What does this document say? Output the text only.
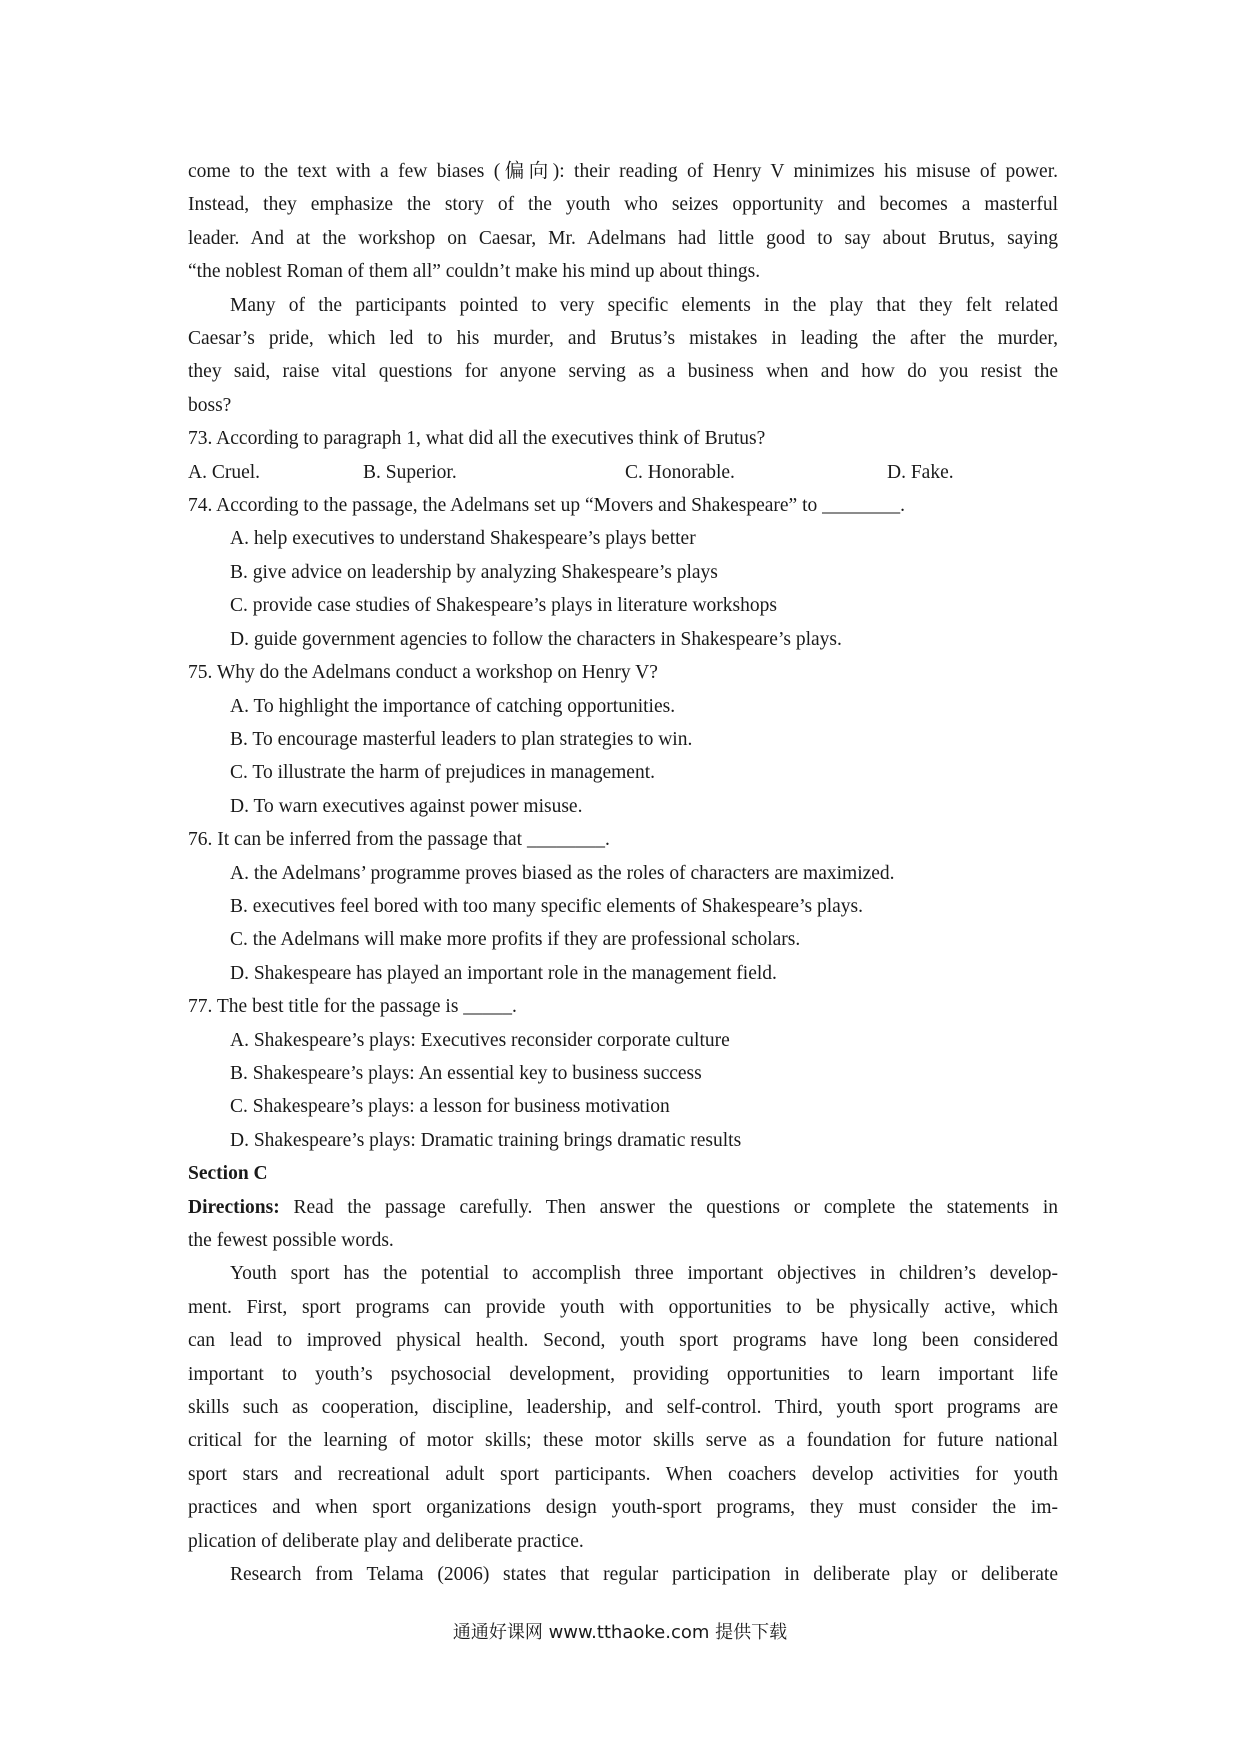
come to the text with a few biases (偏向): their reading of Henry V minimizes his misuse of power.

Instead, they emphasize the story of the youth who seizes opportunity and becomes a masterful

leader. And at the workshop on Caesar, Mr. Adelmans had little good to say about Brutus, saying

“the noblest Roman of them all” couldn’t make his mind up about things.

Many of the participants pointed to very specific elements in the play that they felt related

Caesar’s pride, which led to his murder, and Brutus’s mistakes in leading the after the murder,

they said, raise vital questions for anyone serving as a business when and how do you resist the

boss?

73. According to paragraph 1, what did all the executives think of Brutus?

A. Cruel.	B. Superior.	C. Honorable.	D. Fake.

74. According to the passage, the Adelmans set up “Movers and Shakespeare” to ________.

A. help executives to understand Shakespeare’s plays better

B. give advice on leadership by analyzing Shakespeare’s plays

C. provide case studies of Shakespeare’s plays in literature workshops

D. guide government agencies to follow the characters in Shakespeare’s plays.

75. Why do the Adelmans conduct a workshop on Henry V?

A. To highlight the importance of catching opportunities.

B. To encourage masterful leaders to plan strategies to win.

C. To illustrate the harm of prejudices in management.

D. To warn executives against power misuse.

76. It can be inferred from the passage that ________.

A. the Adelmans’ programme proves biased as the roles of characters are maximized.

B. executives feel bored with too many specific elements of Shakespeare’s plays.

C. the Adelmans will make more profits if they are professional scholars.

D. Shakespeare has played an important role in the management field.

77. The best title for the passage is _____.

A. Shakespeare’s plays: Executives reconsider corporate culture

B. Shakespeare’s plays: An essential key to business success

C. Shakespeare’s plays: a lesson for business motivation

D. Shakespeare’s plays: Dramatic training brings dramatic results

Section C

Directions: Read the passage carefully. Then answer the questions or complete the statements in

the fewest possible words.

Youth sport has the potential to accomplish three important objectives in children’s develop-

ment. First, sport programs can provide youth with opportunities to be physically active, which

can lead to improved physical health. Second, youth sport programs have long been considered

important to youth’s psychosocial development, providing opportunities to learn important life

skills such as cooperation, discipline, leadership, and self-control. Third, youth sport programs are

critical for the learning of motor skills; these motor skills serve as a foundation for future national

sport stars and recreational adult sport participants. When coachers develop activities for youth

practices and when sport organizations design youth-sport programs, they must consider the im-

plication of deliberate play and deliberate practice.

Research from Telama (2006) states that regular participation in deliberate play or deliberate

通通好课网 www.tthaoke.com 提供下载
